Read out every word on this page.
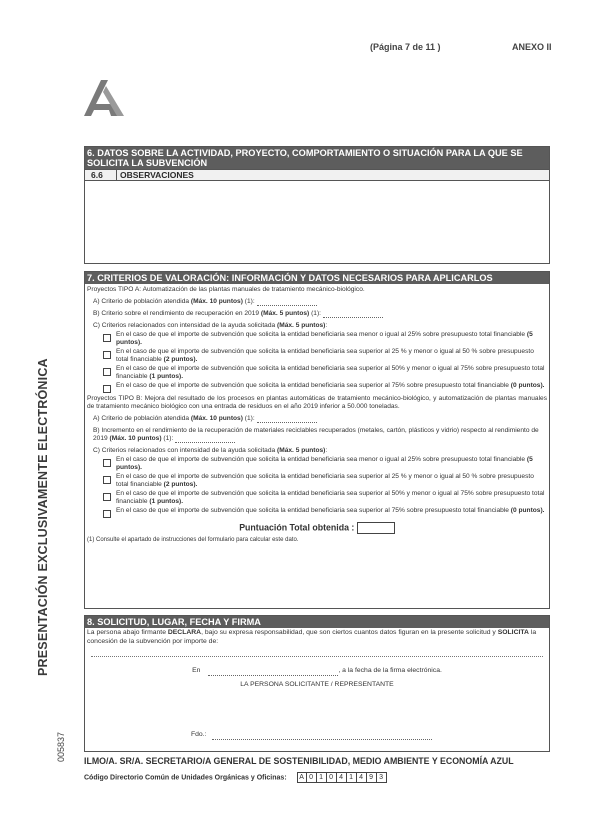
(Página 7 de 11 )	ANEXO II
PRESENTACIÓN EXCLUSIVAMENTE ELECTRÓNICA
005837
6. DATOS SOBRE LA ACTIVIDAD, PROYECTO, COMPORTAMIENTO O SITUACIÓN PARA LA QUE SE SOLICITA LA SUBVENCIÓN
6.6	OBSERVACIONES
7. CRITERIOS DE VALORACIÓN: INFORMACIÓN Y DATOS NECESARIOS PARA APLICARLOS
Proyectos TIPO A: Automatización de las plantas manuales de tratamiento mecánico-biológico.
A) Criterio de población atendida (Máx. 10 puntos) (1):
B) Criterio sobre el rendimiento de recuperación en 2019 (Máx. 5 puntos) (1):
C) Criterios relacionados con intensidad de la ayuda solicitada (Máx. 5 puntos):
En el caso de que el importe de subvención que solicita la entidad beneficiaria sea menor o igual al 25% sobre presupuesto total financiable (5 puntos).
En el caso de que el importe de subvención que solicita la entidad beneficiaria sea superior al 25 % y menor o igual al 50 % sobre presupuesto total financiable (2 puntos).
En el caso de que el importe de subvención que solicita la entidad beneficiaria sea superior al 50% y menor o igual al 75% sobre presupuesto total financiable (1 puntos).
En el caso de que el importe de subvención que solicita la entidad beneficiaria sea superior al 75% sobre presupuesto total financiable (0 puntos).
Proyectos TIPO B: Mejora del resultado de los procesos en plantas automáticas de tratamiento mecánico-biológico, y automatización de plantas manuales de tratamiento mecánico biológico con una entrada de residuos en el año 2019 inferior a 50.000 toneladas.
A) Criterio de población atendida (Máx. 10 puntos) (1):
B) Incremento en el rendimiento de la recuperación de materiales reciclables recuperados (metales, cartón, plásticos y vidrio) respecto al rendimiento de 2019 (Máx. 10 puntos) (1):
C) Criterios relacionados con intensidad de la ayuda solicitada (Máx. 5 puntos):
En el caso de que el importe de subvención que solicita la entidad beneficiaria sea menor o igual al 25% sobre presupuesto total financiable (5 puntos).
En el caso de que el importe de subvención que solicita la entidad beneficiaria sea superior al 25 % y menor o igual al 50 % sobre presupuesto total financiable (2 puntos).
En el caso de que el importe de subvención que solicita la entidad beneficiaria sea superior al 50% y menor o igual al 75% sobre presupuesto total financiable (1 puntos).
En el caso de que el importe de subvención que solicita la entidad beneficiaria sea superior al 75% sobre presupuesto total financiable (0 puntos).
Puntuación Total obtenida :
(1) Consulte el apartado de instrucciones del formulario para calcular este dato.
8. SOLICITUD, LUGAR, FECHA Y FIRMA
La persona abajo firmante DECLARA, bajo su expresa responsabilidad, que son ciertos cuantos datos figuran en la presente solicitud y SOLICITA la concesión de la subvención por importe de:
En	, a la fecha de la firma electrónica.
LA PERSONA SOLICITANTE / REPRESENTANTE
Fdo.:
ILMO/A. SR/A. SECRETARIO/A GENERAL DE SOSTENIBILIDAD, MEDIO AMBIENTE Y ECONOMÍA AZUL
Código Directorio Común de Unidades Orgánicas y Oficinas:	A 0 1 0 4 1 4 9 3
